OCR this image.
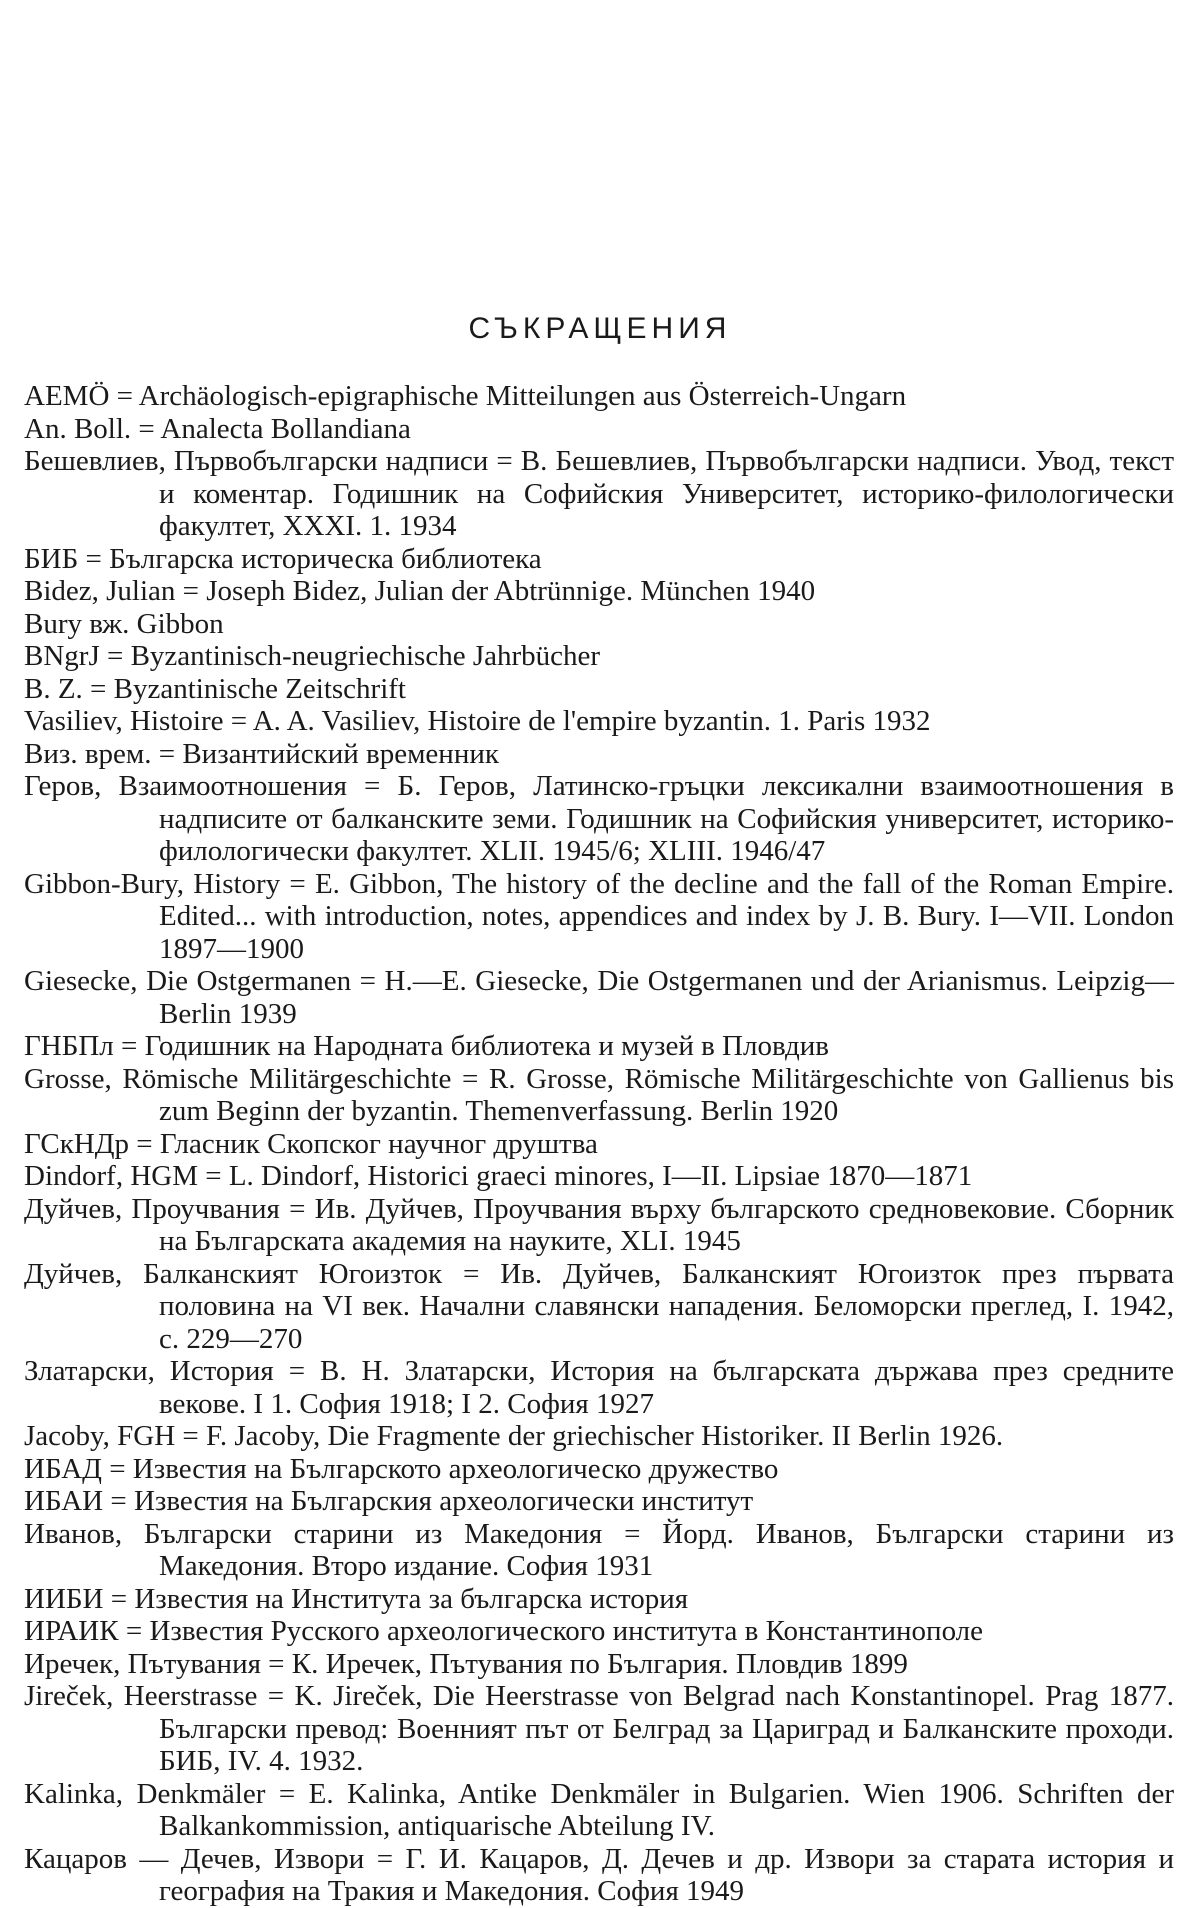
СЪКРАЩЕНИЯ

AEMÖ = Archäologisch-epigraphische Mitteilungen aus Österreich-Ungarn

An. Boll. = Analecta Bollandiana

Бешевлиев, Първобългарски надписи = В. Бешевлиев, Първобългарски надписи. Увод, текст и коментар. Годишник на Софийския Университет, историко-филологически факултет, XXXI. 1. 1934

БИБ = Българска историческа библиотека

Bidez, Julian = Joseph Bidez, Julian der Abtrünnige. München 1940

Bury вж. Gibbon

BNgrJ = Byzantinisch-neugriechische Jahrbücher

B. Z. = Byzantinische Zeitschrift

Vasiliev, Histoire = A. A. Vasiliev, Histoire de l'empire byzantin. 1. Paris 1932

Виз. врем. = Византийский временник

Геров, Взаимоотношения = Б. Геров, Латинско-гръцки лексикални взаимоотношения в надписите от балканските земи. Годишник на Софийския университет, историко-филологически факултет. XLII. 1945/6; XLIII. 1946/47

Gibbon-Bury, History = E. Gibbon, The history of the decline and the fall of the Roman Empire. Edited... with introduction, notes, appendices and index by J. B. Bury. I—VII. London 1897—1900

Giesecke, Die Ostgermanen = H.—E. Giesecke, Die Ostgermanen und der Arianismus. Leipzig—Berlin 1939

ГНБПл = Годишник на Народната библиотека и музей в Пловдив

Grosse, Römische Militärgeschichte = R. Grosse, Römische Militärgeschichte von Gallienus bis zum Beginn der byzantin. Themenverfassung. Berlin 1920

ГСкНДр = Гласник Скопског научног друштва

Dindorf, HGM = L. Dindorf, Historici graeci minores, I—II. Lipsiae 1870—1871

Дуйчев, Проучвания = Ив. Дуйчев, Проучвания върху българското средновековие. Сборник на Българската академия на науките, XLI. 1945

Дуйчев, Балканският Югоизток = Ив. Дуйчев, Балканският Югоизток през първата половина на VI век. Начални славянски нападения. Беломорски преглед, I. 1942, с. 229—270

Златарски, История = В. Н. Златарски, История на българската държава през средните векове. I 1. София 1918; I 2. София 1927

Jacoby, FGH = F. Jacoby, Die Fragmente der griechischer Historiker. II Berlin 1926.

ИБАД = Известия на Българското археологическо дружество

ИБАИ = Известия на Българския археологически институт

Иванов, Български старини из Македония = Йорд. Иванов, Български старини из Македония. Второ издание. София 1931

ИИБИ = Известия на Института за българска история

ИРАИК = Известия Русского археологического института в Константинополе

Иречек, Пътувания = К. Иречек, Пътувания по България. Пловдив 1899

Jireček, Heerstrasse = K. Jireček, Die Heerstrasse von Belgrad nach Konstantinopel. Prag 1877. Български превод: Военният път от Белград за Цариград и Балканските проходи. БИБ, IV. 4. 1932.

Kalinka, Denkmäler = E. Kalinka, Antike Denkmäler in Bulgarien. Wien 1906. Schriften der Balkankommission, antiquarische Abteilung IV.

Кацаров — Дечев, Извори = Г. И. Кацаров, Д. Дечев и др. Извори за старата история и география на Тракия и Македония. София 1949
